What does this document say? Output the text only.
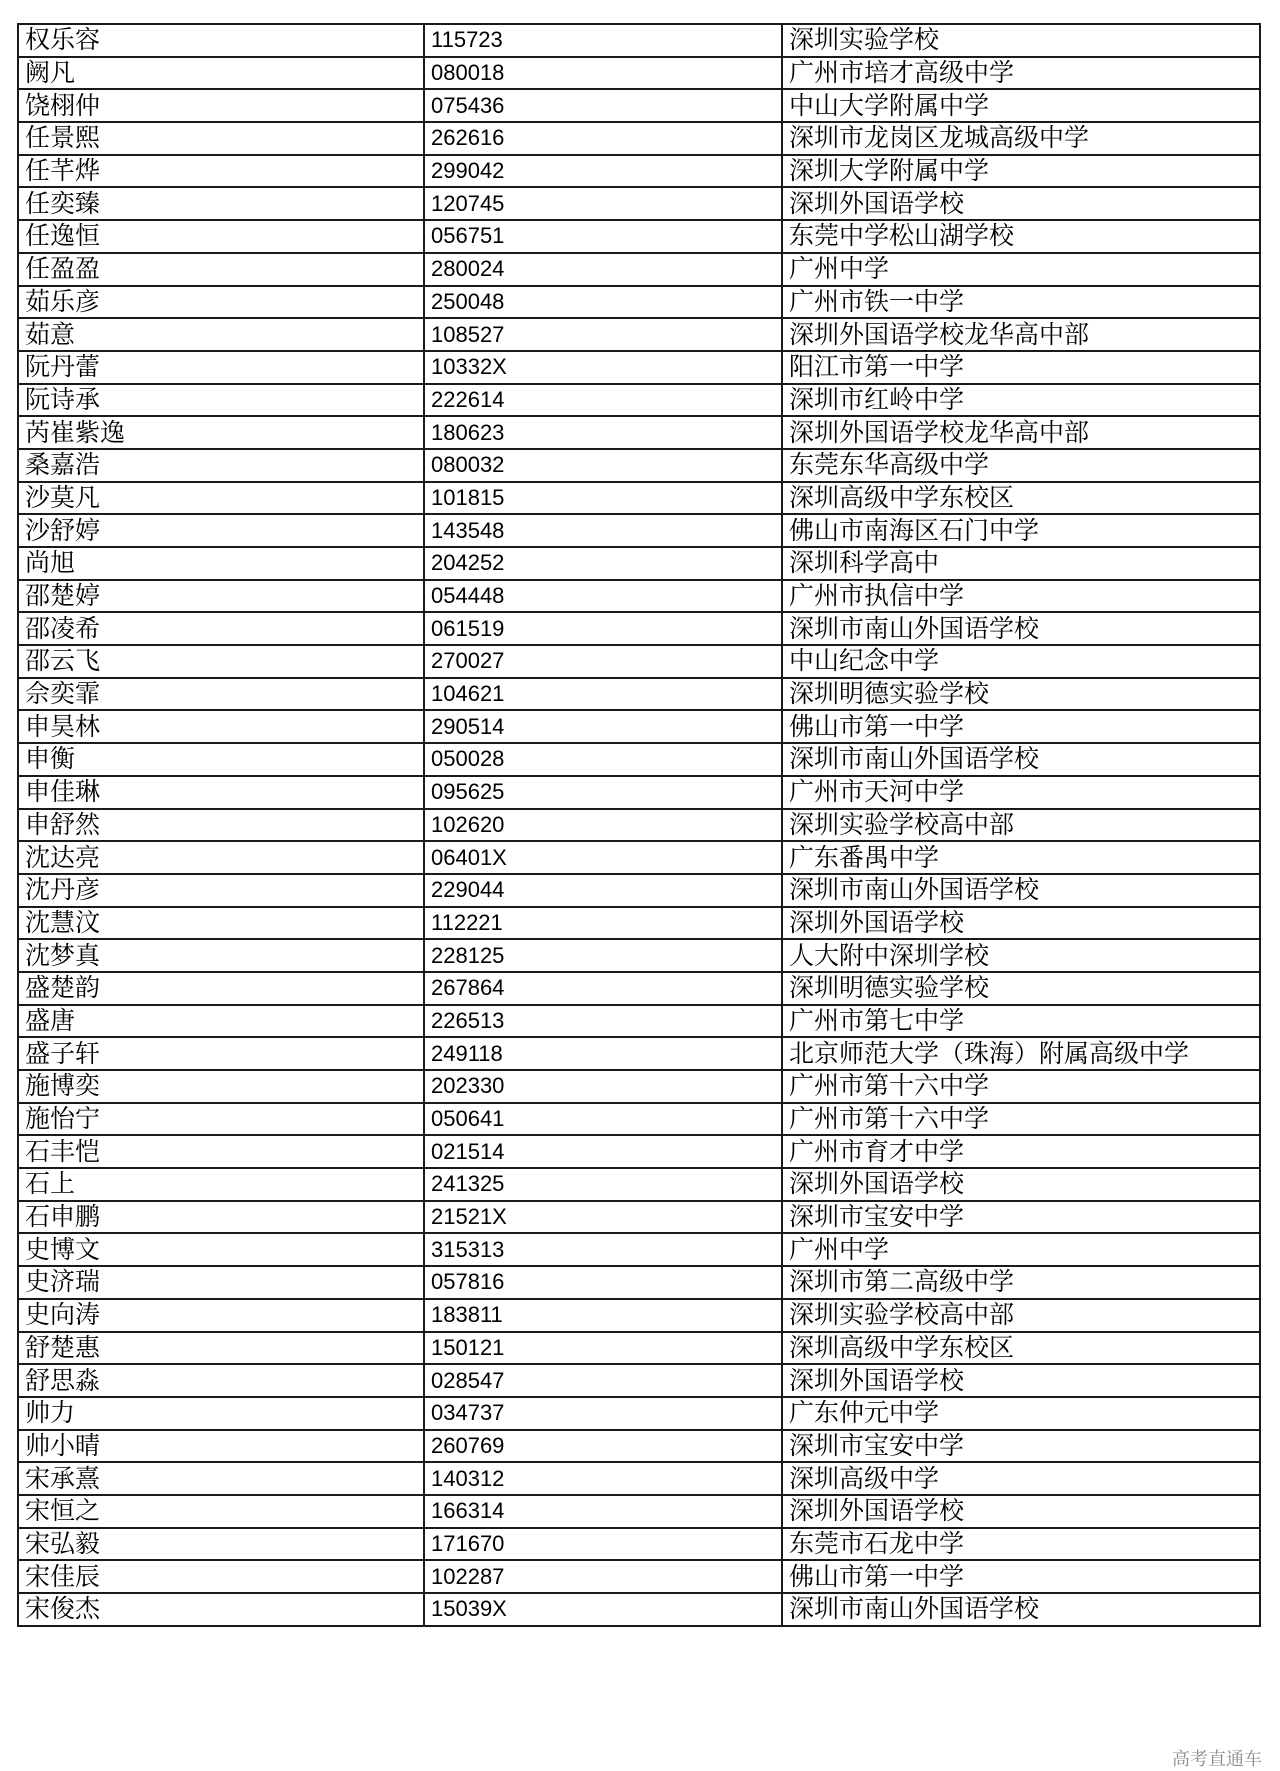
权乐容	115723	深圳实验学校
阙凡	080018	广州市培才高级中学
饶栩仲	075436	中山大学附属中学
任景熙	262616	深圳市龙岗区龙城高级中学
任芊烨	299042	深圳大学附属中学
任奕臻	120745	深圳外国语学校
任逸恒	056751	东莞中学松山湖学校
任盈盈	280024	广州中学
茹乐彦	250048	广州市铁一中学
茹意	108527	深圳外国语学校龙华高中部
阮丹蕾	10332X	阳江市第一中学
阮诗承	222614	深圳市红岭中学
芮崔紫逸	180623	深圳外国语学校龙华高中部
桑嘉浩	080032	东莞东华高级中学
沙莫凡	101815	深圳高级中学东校区
沙舒婷	143548	佛山市南海区石门中学
尚旭	204252	深圳科学高中
邵楚婷	054448	广州市执信中学
邵凌希	061519	深圳市南山外国语学校
邵云飞	270027	中山纪念中学
佘奕霏	104621	深圳明德实验学校
申昊林	290514	佛山市第一中学
申衡	050028	深圳市南山外国语学校
申佳琳	095625	广州市天河中学
申舒然	102620	深圳实验学校高中部
沈达亮	06401X	广东番禺中学
沈丹彦	229044	深圳市南山外国语学校
沈慧汶	112221	深圳外国语学校
沈梦真	228125	人大附中深圳学校
盛楚韵	267864	深圳明德实验学校
盛唐	226513	广州市第七中学
盛子轩	249118	北京师范大学（珠海）附属高级中学
施博奕	202330	广州市第十六中学
施怡宁	050641	广州市第十六中学
石丰恺	021514	广州市育才中学
石上	241325	深圳外国语学校
石申鹏	21521X	深圳市宝安中学
史博文	315313	广州中学
史济瑞	057816	深圳市第二高级中学
史向涛	183811	深圳实验学校高中部
舒楚惠	150121	深圳高级中学东校区
舒思淼	028547	深圳外国语学校
帅力	034737	广东仲元中学
帅小晴	260769	深圳市宝安中学
宋承熹	140312	深圳高级中学
宋恒之	166314	深圳外国语学校
宋弘毅	171670	东莞市石龙中学
宋佳辰	102287	佛山市第一中学
宋俊杰	15039X	深圳市南山外国语学校
高考直通车
